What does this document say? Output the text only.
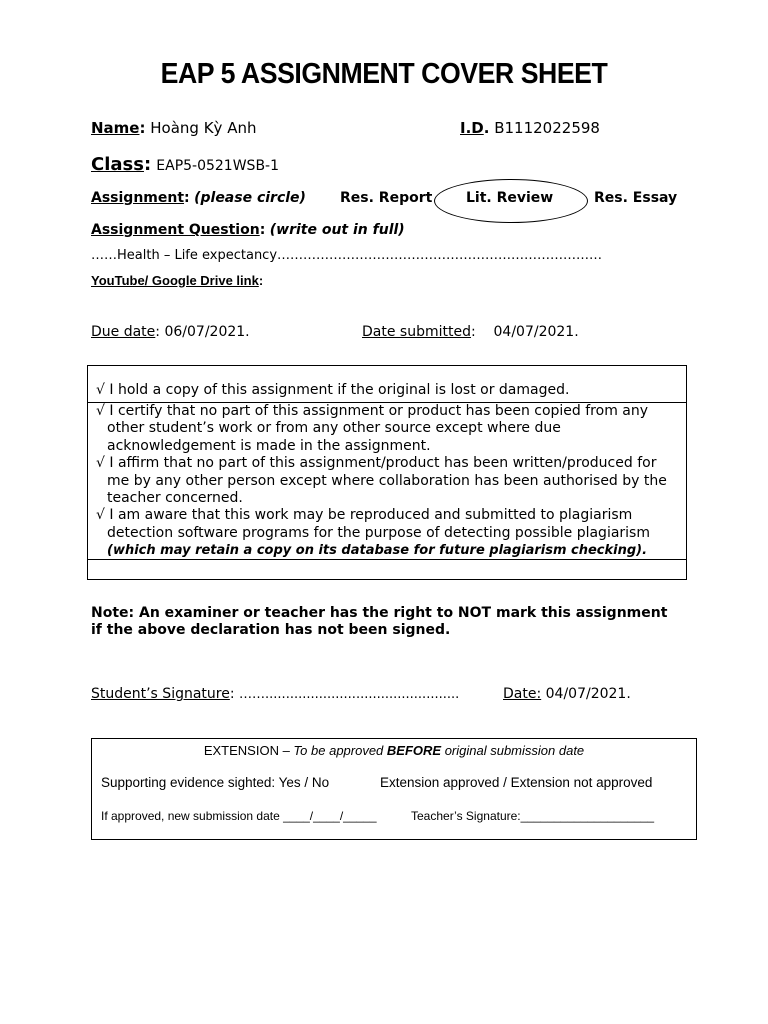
EAP 5 ASSIGNMENT COVER SHEET
Name: Hoàng Kỳ Anh	I.D. B1112022598
Class: EAP5-0521WSB-1
Assignment: (please circle) Res. Report Lit. Review	Res. Essay
Assignment Question: (write out in full)
……Health – Life expectancy…………………………………………………………………
YouTube/ Google Drive link:
Due date: 06/07/2021.	Date submitted:    04/07/2021.
√ I hold a copy of this assignment if the original is lost or damaged.
√ I certify that no part of this assignment or product has been copied from any
other student’s work or from any other source except where due
acknowledgement is made in the assignment.
√ I affirm that no part of this assignment/product has been written/produced for
me by any other person except where collaboration has been authorised by the
teacher concerned.
√ I am aware that this work may be reproduced and submitted to plagiarism
detection software programs for the purpose of detecting possible plagiarism
(which may retain a copy on its database for future plagiarism checking).
Note: An examiner or teacher has the right to NOT mark this assignment
if the above declaration has not been signed.
Student’s Signature: ……...............................................	Date: 04/07/2021.
EXTENSION – To be approved BEFORE original submission date
Supporting evidence sighted: Yes / No	Extension approved / Extension not approved
If approved, new submission date ____/____/_____	Teacher’s Signature:____________________
